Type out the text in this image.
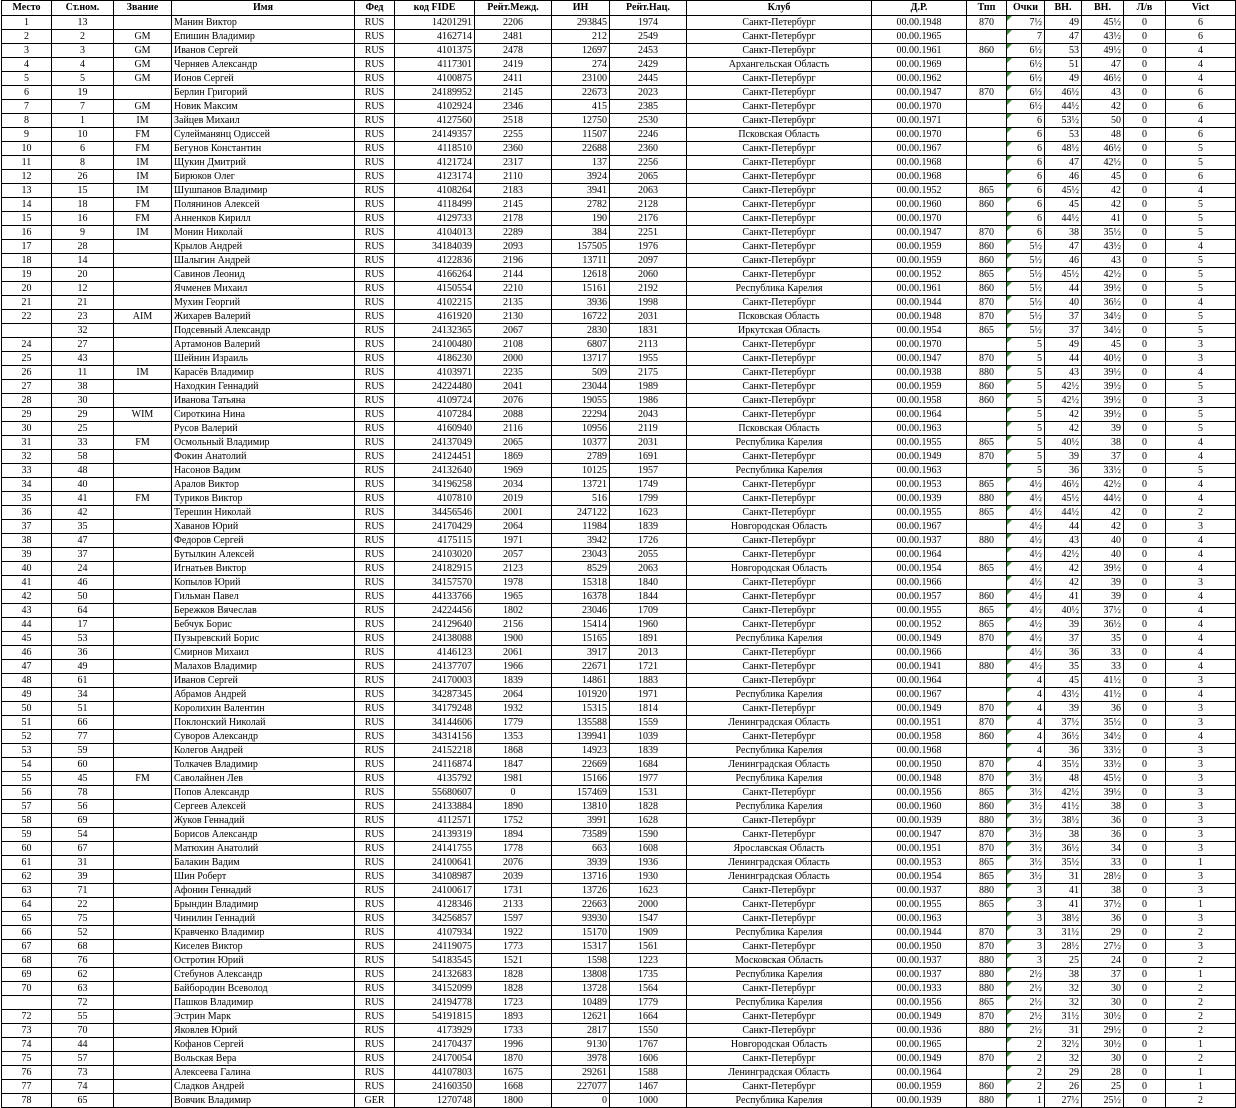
Место	Ст.ном.	Звание	Имя	Фед	код FIDE	Рейт.Межд.	ИН	Рейт.Нац.	Клуб	Д.Р.	Тпп	Очки	ВН.	ВН.	Л/в	Vict
1	13		Манин Виктор	RUS	14201291	2206	293845	1974	Санкт-Петербург	00.00.1948	870	7½	49	45½	0	6
2	2	GM	Епишин Владимир	RUS	4162714	2481	212	2549	Санкт-Петербург	00.00.1965		7	47	43½	0	6
3	3	GM	Иванов Сергей	RUS	4101375	2478	12697	2453	Санкт-Петербург	00.00.1961	860	6½	53	49½	0	4
4	4	GM	Черняев Александр	RUS	4117301	2419	274	2429	Архангельская Область	00.00.1969		6½	51	47	0	4
5	5	GM	Ионов Сергей	RUS	4100875	2411	23100	2445	Санкт-Петербург	00.00.1962		6½	49	46½	0	4
6	19		Берлин Григорий	RUS	24189952	2145	22673	2023	Санкт-Петербург	00.00.1947	870	6½	46½	43	0	6
7	7	GM	Новик Максим	RUS	4102924	2346	415	2385	Санкт-Петербург	00.00.1970		6½	44½	42	0	6
8	1	IM	Зайцев Михаил	RUS	4127560	2518	12750	2530	Санкт-Петербург	00.00.1971		6	53½	50	0	4
9	10	FM	Сулейманянц Одиссей	RUS	24149357	2255	11507	2246	Псковская Область	00.00.1970		6	53	48	0	6
10	6	FM	Бегунов Константин	RUS	4118510	2360	22688	2360	Санкт-Петербург	00.00.1967		6	48½	46½	0	5
11	8	IM	Щукин Дмитрий	RUS	4121724	2317	137	2256	Санкт-Петербург	00.00.1968		6	47	42½	0	5
12	26	IM	Бирюков Олег	RUS	4123174	2110	3924	2065	Санкт-Петербург	00.00.1968		6	46	45	0	6
13	15	IM	Шушпанов Владимир	RUS	4108264	2183	3941	2063	Санкт-Петербург	00.00.1952	865	6	45½	42	0	4
14	18	FM	Полянинов Алексей	RUS	4118499	2145	2782	2128	Санкт-Петербург	00.00.1960	860	6	45	42	0	5
15	16	FM	Анненков Кирилл	RUS	4129733	2178	190	2176	Санкт-Петербург	00.00.1970		6	44½	41	0	5
16	9	IM	Монин Николай	RUS	4104013	2289	384	2251	Санкт-Петербург	00.00.1947	870	6	38	35½	0	5
17	28		Крылов Андрей	RUS	34184039	2093	157505	1976	Санкт-Петербург	00.00.1959	860	5½	47	43½	0	4
18	14		Шалыгин Андрей	RUS	4122836	2196	13711	2097	Санкт-Петербург	00.00.1959	860	5½	46	43	0	5
19	20		Савинов Леонид	RUS	4166264	2144	12618	2060	Санкт-Петербург	00.00.1952	865	5½	45½	42½	0	5
20	12		Ячменев Михаил	RUS	4150554	2210	15161	2192	Республика Карелия	00.00.1961	860	5½	44	39½	0	5
21	21		Мухин Георгий	RUS	4102215	2135	3936	1998	Санкт-Петербург	00.00.1944	870	5½	40	36½	0	4
22	23	AIM	Жихарев Валерий	RUS	4161920	2130	16722	2031	Псковская Область	00.00.1948	870	5½	37	34½	0	5
	32		Подсевный Александр	RUS	24132365	2067	2830	1831	Иркутская Область	00.00.1954	865	5½	37	34½	0	5
24	27		Артамонов Валерий	RUS	24100480	2108	6807	2113	Санкт-Петербург	00.00.1970		5	49	45	0	3
25	43		Шейнин Израиль	RUS	4186230	2000	13717	1955	Санкт-Петербург	00.00.1947	870	5	44	40½	0	3
26	11	IM	Карасёв Владимир	RUS	4103971	2235	509	2175	Санкт-Петербург	00.00.1938	880	5	43	39½	0	4
27	38		Находкин Геннадий	RUS	24224480	2041	23044	1989	Санкт-Петербург	00.00.1959	860	5	42½	39½	0	5
28	30		Иванова Татьяна	RUS	4109724	2076	19055	1986	Санкт-Петербург	00.00.1958	860	5	42½	39½	0	3
29	29	WIM	Сироткина Нина	RUS	4107284	2088	22294	2043	Санкт-Петербург	00.00.1964		5	42	39½	0	5
30	25		Русов Валерий	RUS	4160940	2116	10956	2119	Псковская Область	00.00.1963		5	42	39	0	5
31	33	FM	Осмольный Владимир	RUS	24137049	2065	10377	2031	Республика Карелия	00.00.1955	865	5	40½	38	0	4
32	58		Фокин Анатолий	RUS	24124451	1869	2789	1691	Санкт-Петербург	00.00.1949	870	5	39	37	0	4
33	48		Насонов Вадим	RUS	24132640	1969	10125	1957	Республика Карелия	00.00.1963		5	36	33½	0	5
34	40		Аралов Виктор	RUS	34196258	2034	13721	1749	Санкт-Петербург	00.00.1953	865	4½	46½	42½	0	4
35	41	FM	Туриков Виктор	RUS	4107810	2019	516	1799	Санкт-Петербург	00.00.1939	880	4½	45½	44½	0	4
36	42		Терешин Николай	RUS	34456546	2001	247122	1623	Санкт-Петербург	00.00.1955	865	4½	44½	42	0	2
37	35		Хаванов Юрий	RUS	24170429	2064	11984	1839	Новгородская Область	00.00.1967		4½	44	42	0	3
38	47		Федоров Сергей	RUS	4175115	1971	3942	1726	Санкт-Петербург	00.00.1937	880	4½	43	40	0	4
39	37		Бутылкин Алексей	RUS	24103020	2057	23043	2055	Санкт-Петербург	00.00.1964		4½	42½	40	0	4
40	24		Игнатьев Виктор	RUS	24182915	2123	8529	2063	Новгородская Область	00.00.1954	865	4½	42	39½	0	4
41	46		Копылов Юрий	RUS	34157570	1978	15318	1840	Санкт-Петербург	00.00.1966		4½	42	39	0	3
42	50		Гильман Павел	RUS	44133766	1965	16378	1844	Санкт-Петербург	00.00.1957	860	4½	41	39	0	4
43	64		Бережков Вячеслав	RUS	24224456	1802	23046	1709	Санкт-Петербург	00.00.1955	865	4½	40½	37½	0	4
44	17		Бебчук Борис	RUS	24129640	2156	15414	1960	Санкт-Петербург	00.00.1952	865	4½	39	36½	0	4
45	53		Пузыревский Борис	RUS	24138088	1900	15165	1891	Республика Карелия	00.00.1949	870	4½	37	35	0	4
46	36		Смирнов Михаил	RUS	4146123	2061	3917	2013	Санкт-Петербург	00.00.1966		4½	36	33	0	4
47	49		Малахов Владимир	RUS	24137707	1966	22671	1721	Санкт-Петербург	00.00.1941	880	4½	35	33	0	4
48	61		Иванов Сергей	RUS	24170003	1839	14861	1883	Санкт-Петербург	00.00.1964		4	45	41½	0	3
49	34		Абрамов Андрей	RUS	34287345	2064	101920	1971	Республика Карелия	00.00.1967		4	43½	41½	0	4
50	51		Королихин Валентин	RUS	34179248	1932	15315	1814	Санкт-Петербург	00.00.1949	870	4	39	36	0	3
51	66		Поклонский Николай	RUS	34144606	1779	135588	1559	Ленинградская Область	00.00.1951	870	4	37½	35½	0	3
52	77		Суворов Александр	RUS	34314156	1353	139941	1039	Санкт-Петербург	00.00.1958	860	4	36½	34½	0	4
53	59		Колегов Андрей	RUS	24152218	1868	14923	1839	Республика Карелия	00.00.1968		4	36	33½	0	3
54	60		Толкачев Владимир	RUS	24116874	1847	22669	1684	Ленинградская Область	00.00.1950	870	4	35½	33½	0	3
55	45	FM	Саволайнен Лев	RUS	4135792	1981	15166	1977	Республика Карелия	00.00.1948	870	3½	48	45½	0	3
56	78		Попов Александр	RUS	55680607	0	157469	1531	Санкт-Петербург	00.00.1956	865	3½	42½	39½	0	3
57	56		Сергеев Алексей	RUS	24133884	1890	13810	1828	Республика Карелия	00.00.1960	860	3½	41½	38	0	3
58	69		Жуков Геннадий	RUS	4112571	1752	3991	1628	Санкт-Петербург	00.00.1939	880	3½	38½	36	0	3
59	54		Борисов Александр	RUS	24139319	1894	73589	1590	Санкт-Петербург	00.00.1947	870	3½	38	36	0	3
60	67		Матюхин Анатолий	RUS	24141755	1778	663	1608	Ярославская Область	00.00.1951	870	3½	36½	34	0	3
61	31		Балакин Вадим	RUS	24100641	2076	3939	1936	Ленинградская Область	00.00.1953	865	3½	35½	33	0	1
62	39		Шин Роберт	RUS	34108987	2039	13716	1930	Ленинградская Область	00.00.1954	865	3½	31	28½	0	3
63	71		Афонин Геннадий	RUS	24100617	1731	13726	1623	Санкт-Петербург	00.00.1937	880	3	41	38	0	3
64	22		Брындин Владимир	RUS	4128346	2133	22663	2000	Санкт-Петербург	00.00.1955	865	3	41	37½	0	1
65	75		Чинилин Геннадий	RUS	34256857	1597	93930	1547	Санкт-Петербург	00.00.1963		3	38½	36	0	3
66	52		Кравченко Владимир	RUS	4107934	1922	15170	1909	Республика Карелия	00.00.1944	870	3	31½	29	0	2
67	68		Киселев Виктор	RUS	24119075	1773	15317	1561	Санкт-Петербург	00.00.1950	870	3	28½	27½	0	3
68	76		Остротин Юрий	RUS	54183545	1521	1598	1223	Московская Область	00.00.1937	880	3	25	24	0	2
69	62		Стебунов Александр	RUS	24132683	1828	13808	1735	Республика Карелия	00.00.1937	880	2½	38	37	0	1
70	63		Байбородин Всеволод	RUS	34152099	1828	13728	1564	Санкт-Петербург	00.00.1933	880	2½	32	30	0	2
	72		Пашков Владимир	RUS	24194778	1723	10489	1779	Республика Карелия	00.00.1956	865	2½	32	30	0	2
72	55		Эстрин Марк	RUS	54191815	1893	12621	1664	Санкт-Петербург	00.00.1949	870	2½	31½	30½	0	2
73	70		Яковлев Юрий	RUS	4173929	1733	2817	1550	Санкт-Петербург	00.00.1936	880	2½	31	29½	0	2
74	44		Кофанов Сергей	RUS	24170437	1996	9130	1767	Новгородская Область	00.00.1965		2	32½	30½	0	1
75	57		Вольская Вера	RUS	24170054	1870	3978	1606	Санкт-Петербург	00.00.1949	870	2	32	30	0	2
76	73		Алексеева Галина	RUS	44107803	1675	29261	1588	Ленинградская Область	00.00.1964		2	29	28	0	1
77	74		Сладков Андрей	RUS	24160350	1668	227077	1467	Санкт-Петербург	00.00.1959	860	2	26	25	0	1
78	65		Вовчик Владимир	GER	1270748	1800	0	1000	Республика Карелия	00.00.1939	880	1	27½	25½	0	2
